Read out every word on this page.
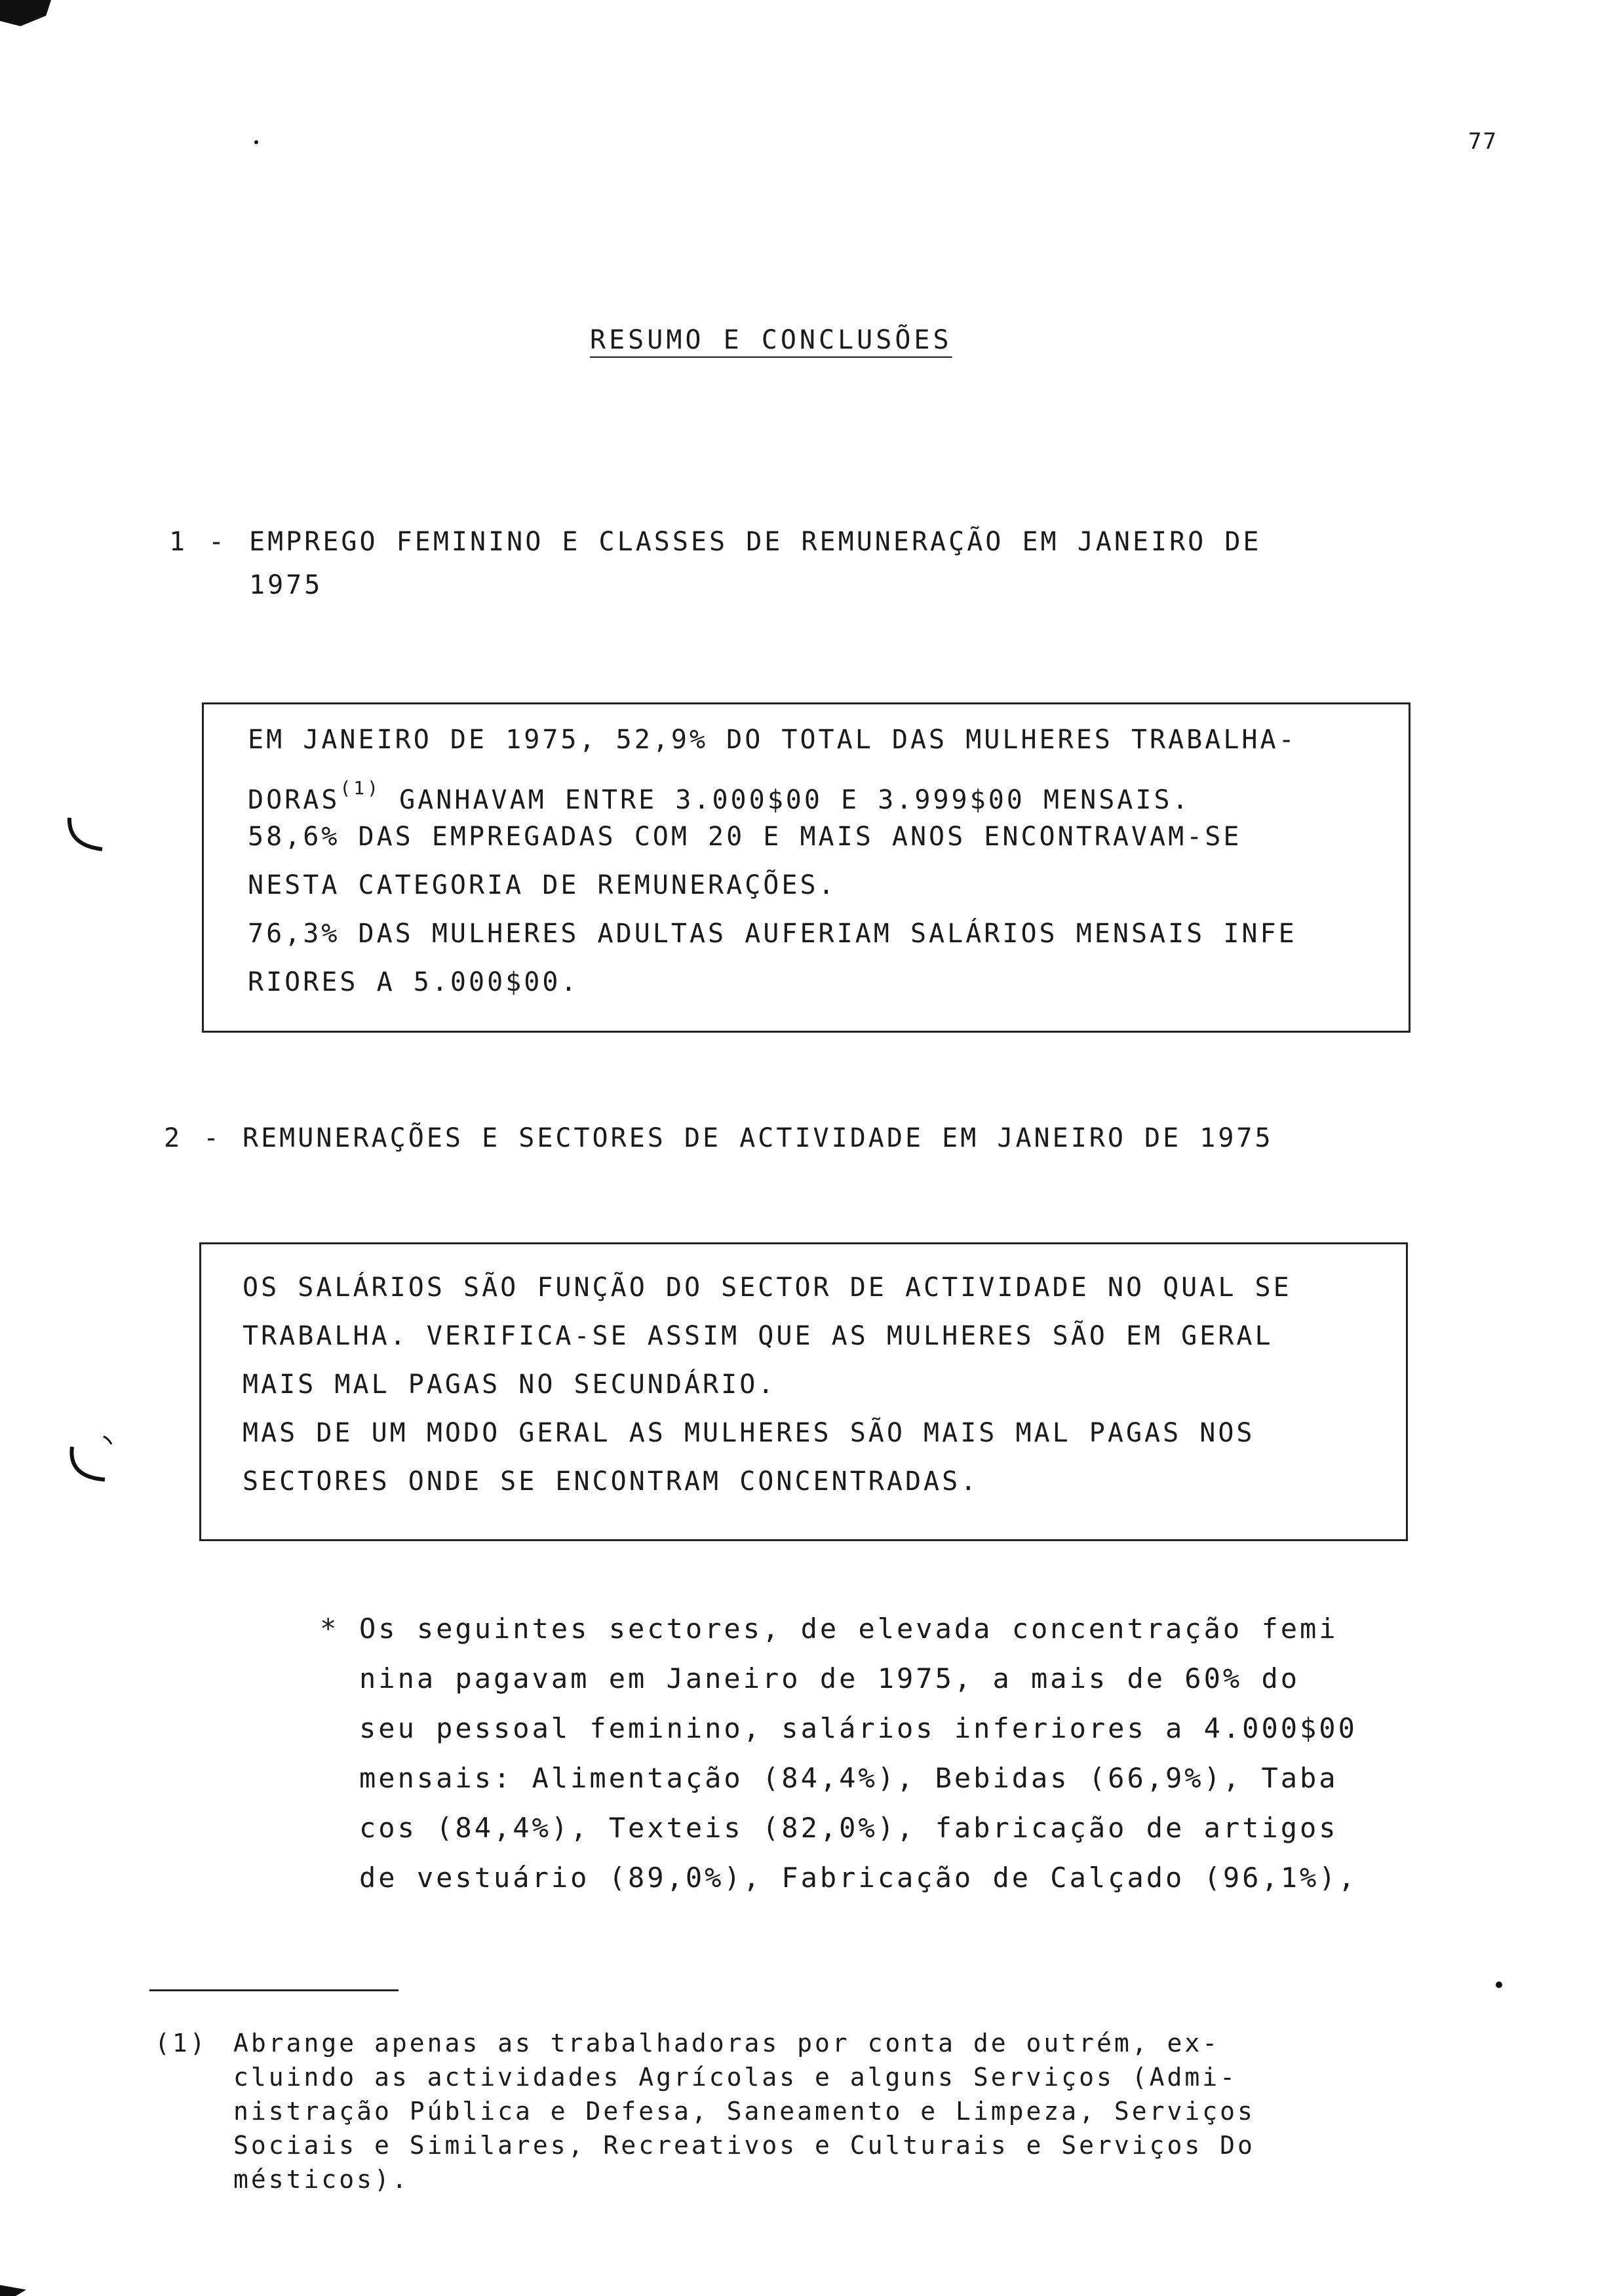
77
RESUMO E CONCLUSÕES
1 - EMPREGO FEMININO E CLASSES DE REMUNERAÇÃO EM JANEIRO DE
1975
EM JANEIRO DE 1975, 52,9% DO TOTAL DAS MULHERES TRABALHA-
DORAS$^{(1)}$ GANHAVAM ENTRE 3.000$00 E 3.999$00 MENSAIS.
58,6% DAS EMPREGADAS COM 20 E MAIS ANOS ENCONTRAVAM-SE
NESTA CATEGORIA DE REMUNERAÇÕES.
76,3% DAS MULHERES ADULTAS AUFERIAM SALÁRIOS MENSAIS INFE
RIORES A 5.000$00.
2 - REMUNERAÇÕES E SECTORES DE ACTIVIDADE EM JANEIRO DE 1975
OS SALÁRIOS SÃO FUNÇÃO DO SECTOR DE ACTIVIDADE NO QUAL SE
TRABALHA. VERIFICA-SE ASSIM QUE AS MULHERES SÃO EM GERAL
MAIS MAL PAGAS NO SECUNDÁRIO.
MAS DE UM MODO GERAL AS MULHERES SÃO MAIS MAL PAGAS NOS
SECTORES ONDE SE ENCONTRAM CONCENTRADAS.
* Os seguintes sectores, de elevada concentração femi
nina pagavam em Janeiro de 1975, a mais de 60% do
seu pessoal feminino, salários inferiores a 4.000$00
mensais: Alimentação (84,4%), Bebidas (66,9%), Taba
cos (84,4%), Texteis (82,0%), fabricação de artigos
de vestuário (89,0%), Fabricação de Calçado (96,1%),
(1) Abrange apenas as trabalhadoras por conta de outrém, ex-
cluindo as actividades Agrícolas e alguns Serviços (Admi-
nistração Pública e Defesa, Saneamento e Limpeza, Serviços
Sociais e Similares, Recreativos e Culturais e Serviços Do
mésticos).
